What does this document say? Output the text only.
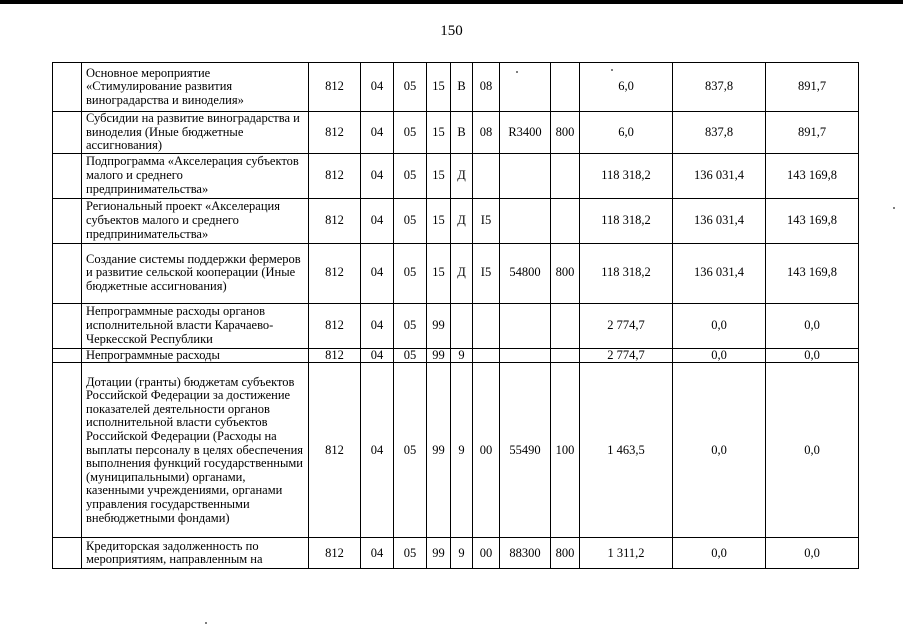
150
	Основное мероприятие «Стимулирование развития виноградарства и виноделия»	812	04	05	15	В	08			6,0	837,8	891,7
	Субсидии на развитие виноградарства и виноделия (Иные бюджетные ассигнования)	812	04	05	15	В	08	R3400	800	6,0	837,8	891,7
	Подпрограмма «Акселерация субъектов малого и среднего предпринимательства»	812	04	05	15	Д				118 318,2	136 031,4	143 169,8
	Региональный проект «Акселерация субъектов малого и среднего предпринимательства»	812	04	05	15	Д	I5			118 318,2	136 031,4	143 169,8
	Создание системы поддержки фермеров и развитие сельской кооперации (Иные бюджетные ассигнования)	812	04	05	15	Д	I5	54800	800	118 318,2	136 031,4	143 169,8
	Непрограммные расходы органов исполнительной власти Карачаево-Черкесской Республики	812	04	05	99					2 774,7	0,0	0,0
	Непрограммные расходы	812	04	05	99	9				2 774,7	0,0	0,0
	Дотации (гранты) бюджетам субъектов Российской Федерации за достижение показателей деятельности органов исполнительной власти субъектов Российской Федерации (Расходы на выплаты персоналу в целях обеспечения выполнения функций государственными (муниципальными) органами, казенными учреждениями, органами управления государственными внебюджетными фондами)	812	04	05	99	9	00	55490	100	1 463,5	0,0	0,0
	Кредиторская задолженность по мероприятиям, направленным на	812	04	05	99	9	00	88300	800	1 311,2	0,0	0,0
